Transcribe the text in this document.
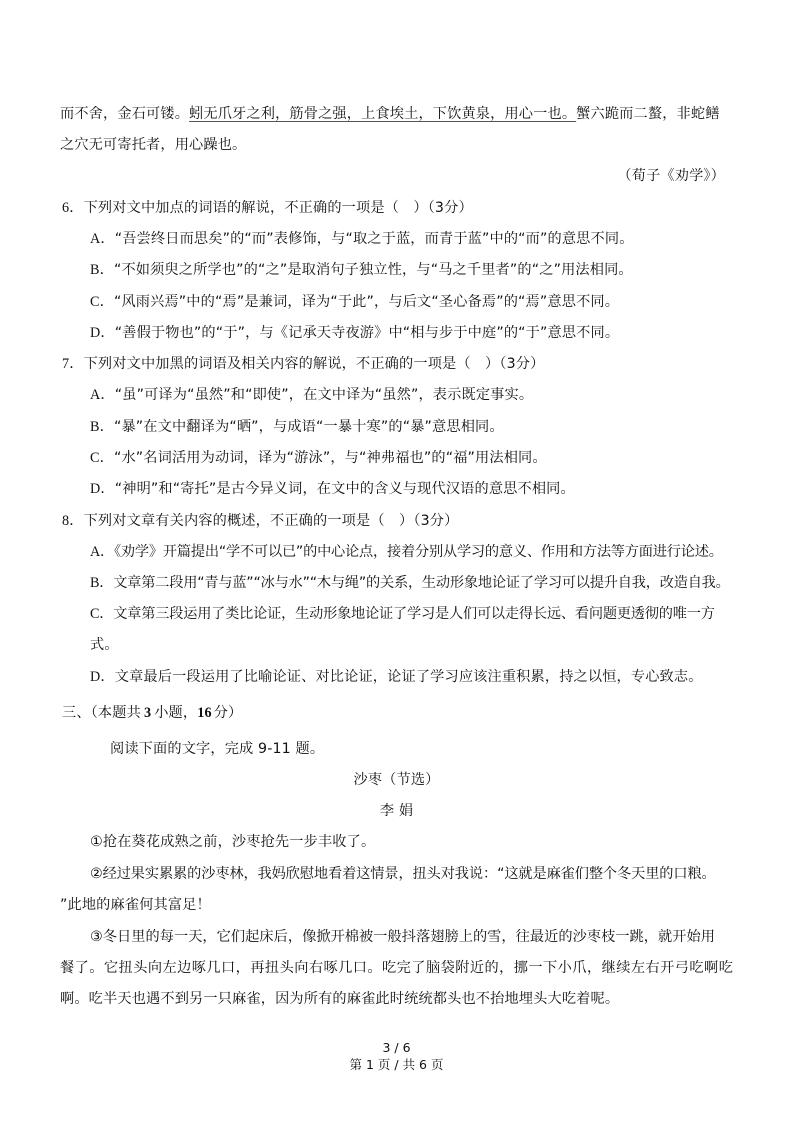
而不舍，金石可镂。蚓无爪牙之利，筋骨之强，上食埃土，下饮黄泉，用心一也。蟹六跪而二螯，非蛇鳝
之穴无可寄托者，用心躁也。
（荀子《劝学》）
6．下列对文中加点的词语的解说，不正确的一项是（　）（3分）
A．“吾尝终日而思矣”的“而”表修饰，与“取之于蓝，而青于蓝”中的“而”的意思不同。
B．“不如须臾之所学也”的“之”是取消句子独立性，与“马之千里者”的“之”用法相同。
C．“风雨兴焉”中的“焉”是兼词，译为“于此”，与后文“圣心备焉”的“焉”意思不同。
D．“善假于物也”的“于”，与《记承天寺夜游》中“相与步于中庭”的“于”意思不同。
7．下列对文中加黑的词语及相关内容的解说，不正确的一项是（　）（3分）
A．“虽”可译为“虽然”和“即使”，在文中译为“虽然”，表示既定事实。
B．“暴”在文中翻译为“晒”，与成语“一暴十寒”的“暴”意思相同。
C．“水”名词活用为动词，译为“游泳”，与“神弗福也”的“福”用法相同。
D．“神明”和“寄托”是古今异义词，在文中的含义与现代汉语的意思不相同。
8．下列对文章有关内容的概述，不正确的一项是（　）（3分）
A．《劝学》开篇提出“学不可以已”的中心论点，接着分别从学习的意义、作用和方法等方面进行论述。
B．文章第二段用“青与蓝”“冰与水”“木与绳”的关系，生动形象地论证了学习可以提升自我，改造自我。
C．文章第三段运用了类比论证，生动形象地论证了学习是人们可以走得长远、看问题更透彻的唯一方
式。
D．文章最后一段运用了比喻论证、对比论证，论证了学习应该注重积累，持之以恒，专心致志。
三、（本题共 3 小题，16 分）
阅读下面的文字，完成 9-11 题。
沙枣（节选）
李 娟
①抢在葵花成熟之前，沙枣抢先一步丰收了。
②经过果实累累的沙枣林，我妈欣慰地看着这情景，扭头对我说：“这就是麻雀们整个冬天里的口粮。
”此地的麻雀何其富足！
③冬日里的每一天，它们起床后，像掀开棉被一般抖落翅膀上的雪，往最近的沙枣枝一跳，就开始用
餐了。它扭头向左边啄几口，再扭头向右啄几口。吃完了脑袋附近的，挪一下小爪，继续左右开弓吃啊吃
啊。吃半天也遇不到另一只麻雀，因为所有的麻雀此时统统都头也不抬地埋头大吃着呢。
3 / 6
第 1 页 / 共 6 页
